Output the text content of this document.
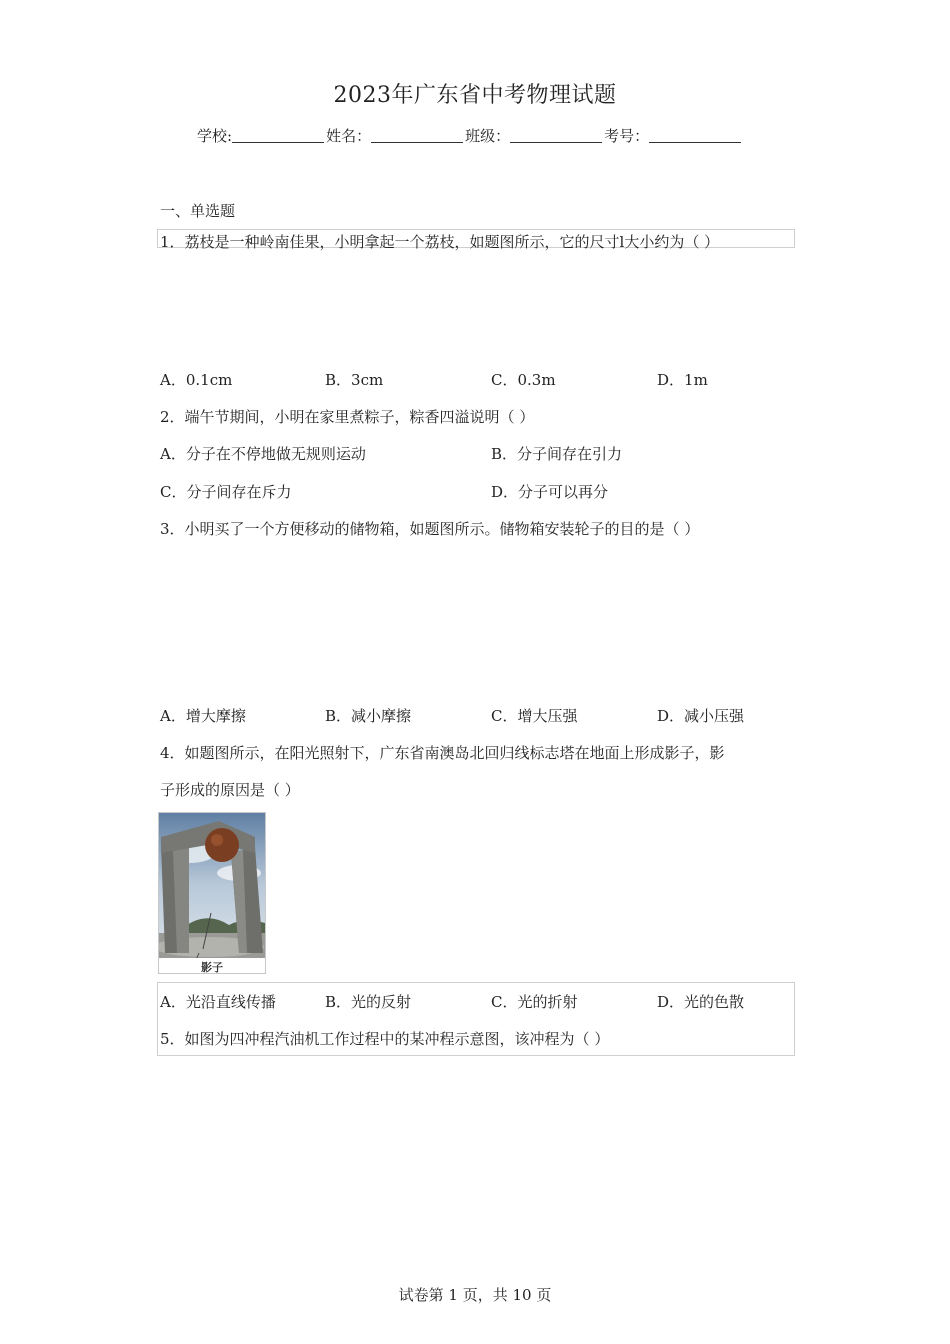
2023年广东省中考物理试题
学校:	姓名：	班级：	考号：
一、单选题
1．荔枝是一种岭南佳果，小明拿起一个荔枝，如题图所示，它的尺寸l大小约为（ ）
A．0.1cm	B．3cm	C．0.3m	D．1m
2．端午节期间，小明在家里煮粽子，粽香四溢说明（ ）
A．分子在不停地做无规则运动	B．分子间存在引力
C．分子间存在斥力	D．分子可以再分
3．小明买了一个方便移动的储物箱，如题图所示。储物箱安装轮子的目的是（ ）
A．增大摩擦	B．减小摩擦	C．增大压强	D．减小压强
4．如题图所示，在阳光照射下，广东省南澳岛北回归线标志塔在地面上形成影子，影
子形成的原因是（ ）
影子
A．光沿直线传播	B．光的反射	C．光的折射	D．光的色散
5．如图为四冲程汽油机工作过程中的某冲程示意图，该冲程为（ ）
试卷第 1 页，共 10 页
